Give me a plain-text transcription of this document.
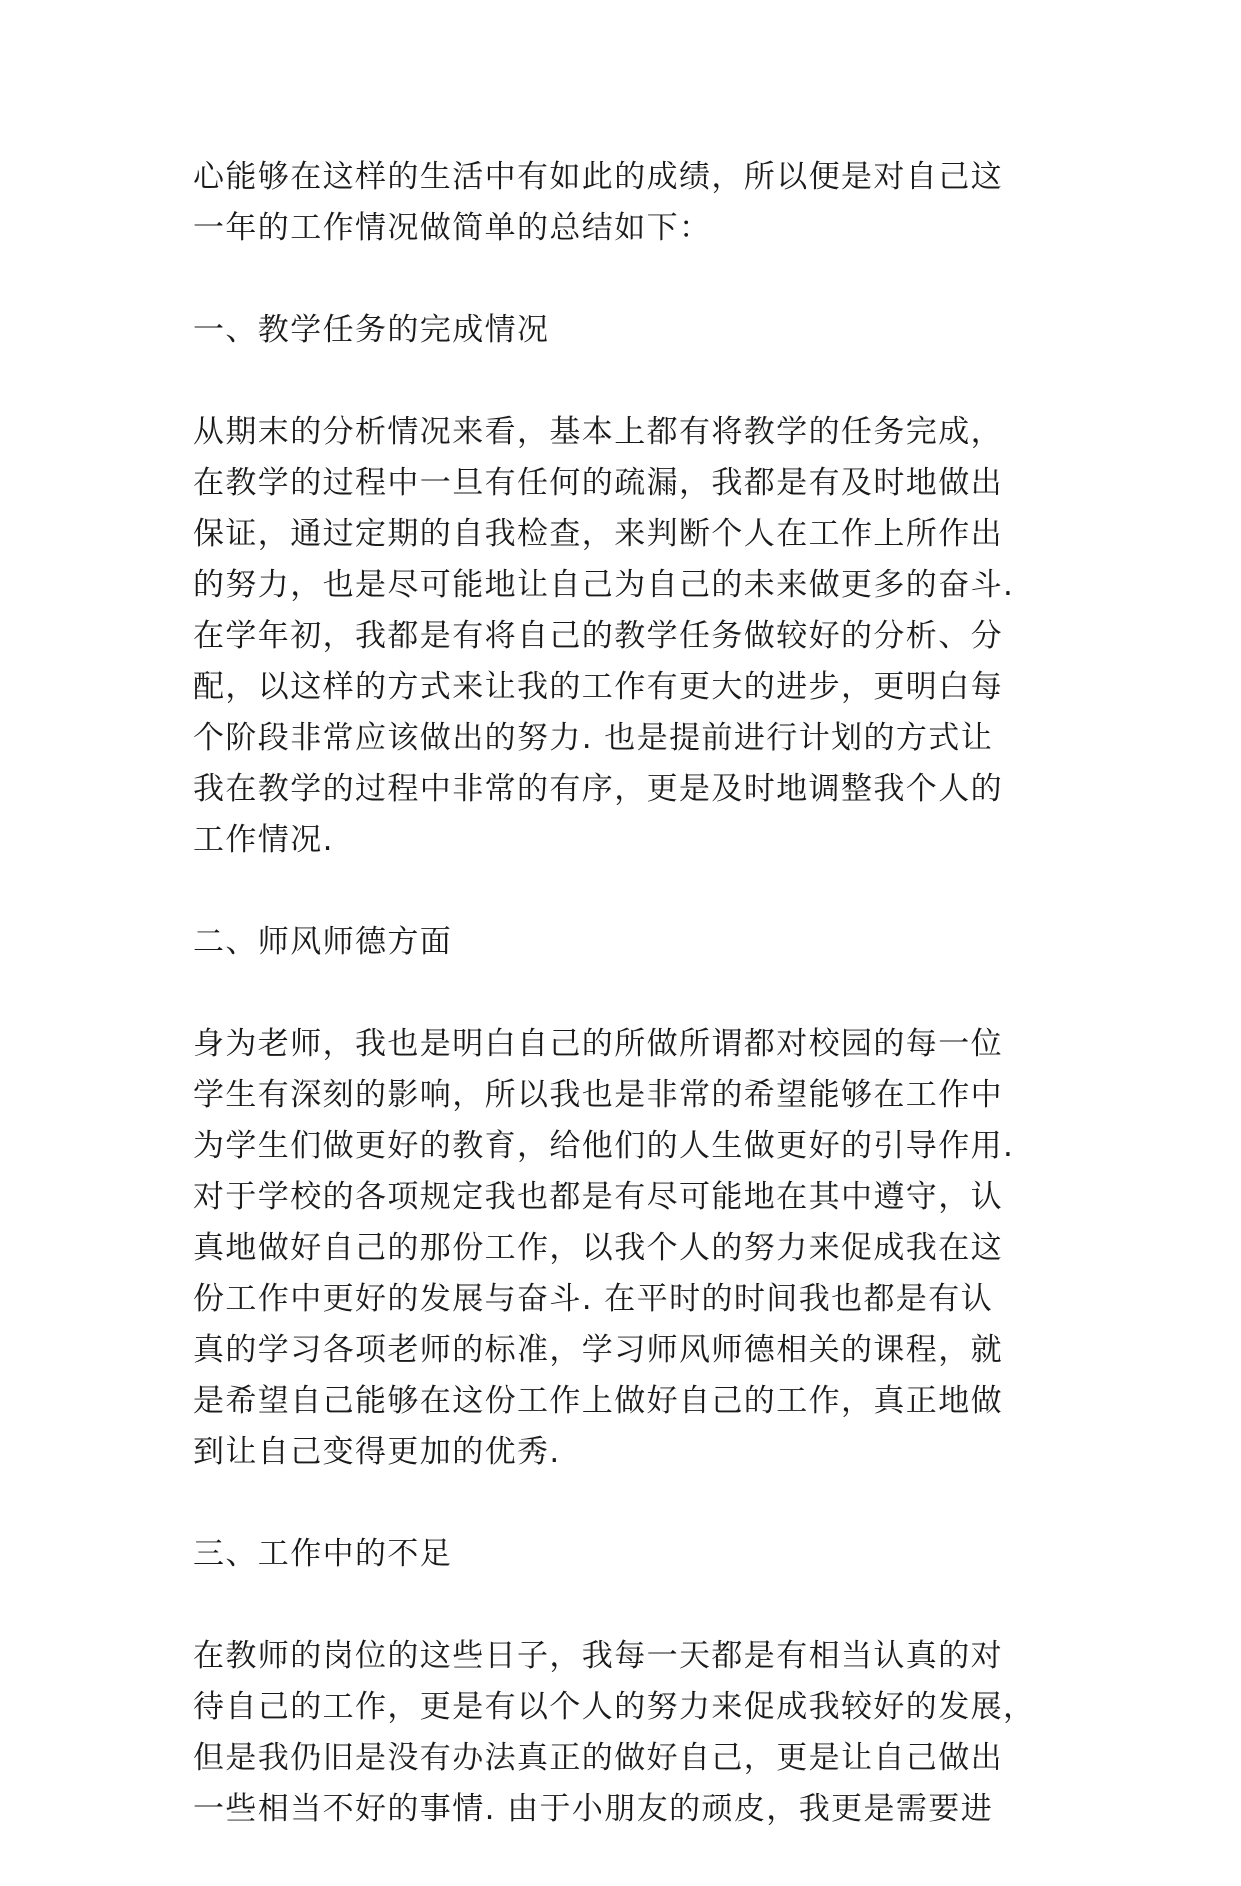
心能够在这样的生活中有如此的成绩，所以便是对自己这
一年的工作情况做简单的总结如下：

一、教学任务的完成情况

从期末的分析情况来看，基本上都有将教学的任务完成，
在教学的过程中一旦有任何的疏漏，我都是有及时地做出
保证，通过定期的自我检查，来判断个人在工作上所作出
的努力，也是尽可能地让自己为自己的未来做更多的奋斗.
在学年初，我都是有将自己的教学任务做较好的分析、分
配，以这样的方式来让我的工作有更大的进步，更明白每
个阶段非常应该做出的努力. 也是提前进行计划的方式让
我在教学的过程中非常的有序，更是及时地调整我个人的
工作情况.

二、师风师德方面

身为老师，我也是明白自己的所做所谓都对校园的每一位
学生有深刻的影响，所以我也是非常的希望能够在工作中
为学生们做更好的教育，给他们的人生做更好的引导作用.
对于学校的各项规定我也都是有尽可能地在其中遵守，认
真地做好自己的那份工作，以我个人的努力来促成我在这
份工作中更好的发展与奋斗. 在平时的时间我也都是有认
真的学习各项老师的标准，学习师风师德相关的课程，就
是希望自己能够在这份工作上做好自己的工作，真正地做
到让自己变得更加的优秀.

三、工作中的不足

在教师的岗位的这些日子，我每一天都是有相当认真的对
待自己的工作，更是有以个人的努力来促成我较好的发展，
但是我仍旧是没有办法真正的做好自己，更是让自己做出
一些相当不好的事情. 由于小朋友的顽皮，我更是需要进
